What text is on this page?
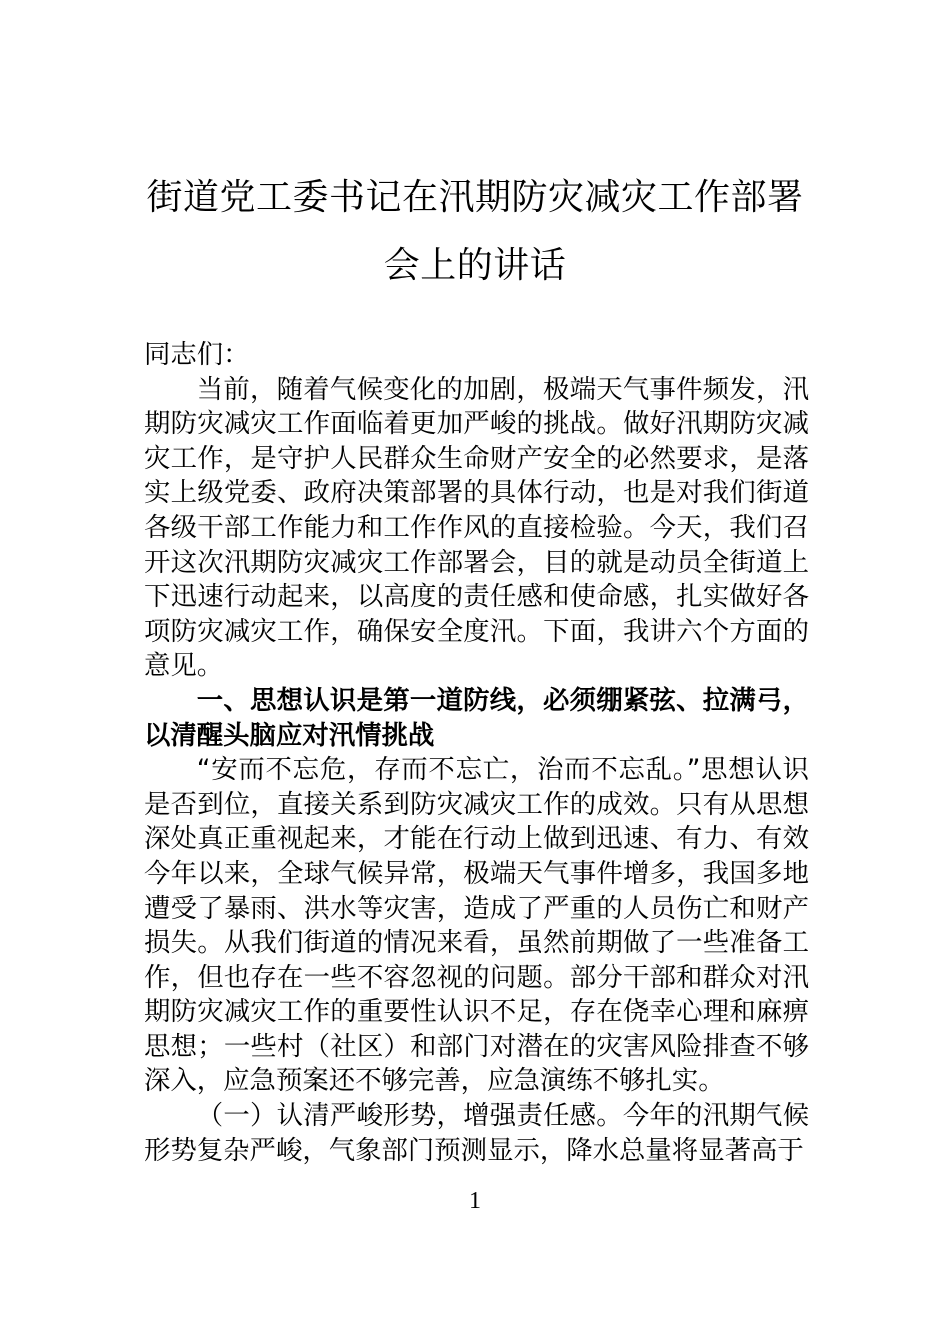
街道党工委书记在汛期防灾减灾工作部署
会上的讲话

同志们：

当前，随着气候变化的加剧，极端天气事件频发，汛期防灾减灾工作面临着更加严峻的挑战。做好汛期防灾减灾工作，是守护人民群众生命财产安全的必然要求，是落实上级党委、政府决策部署的具体行动，也是对我们街道各级干部工作能力和工作作风的直接检验。今天，我们召开这次汛期防灾减灾工作部署会，目的就是动员全街道上下迅速行动起来，以高度的责任感和使命感，扎实做好各项防灾减灾工作，确保安全度汛。下面，我讲六个方面的意见。

一、思想认识是第一道防线，必须绷紧弦、拉满弓，以清醒头脑应对汛情挑战

“安而不忘危，存而不忘亡，治而不忘乱。”思想认识是否到位，直接关系到防灾减灾工作的成效。只有从思想深处真正重视起来，才能在行动上做到迅速、有力、有效今年以来，全球气候异常，极端天气事件增多，我国多地遭受了暴雨、洪水等灾害，造成了严重的人员伤亡和财产损失。从我们街道的情况来看，虽然前期做了一些准备工作，但也存在一些不容忽视的问题。部分干部和群众对汛期防灾减灾工作的重要性认识不足，存在侥幸心理和麻痹思想；一些村（社区）和部门对潜在的灾害风险排查不够深入，应急预案还不够完善，应急演练不够扎实。

（一）认清严峻形势，增强责任感。今年的汛期气候形势复杂严峻，气象部门预测显示，降水总量将显著高于

1
